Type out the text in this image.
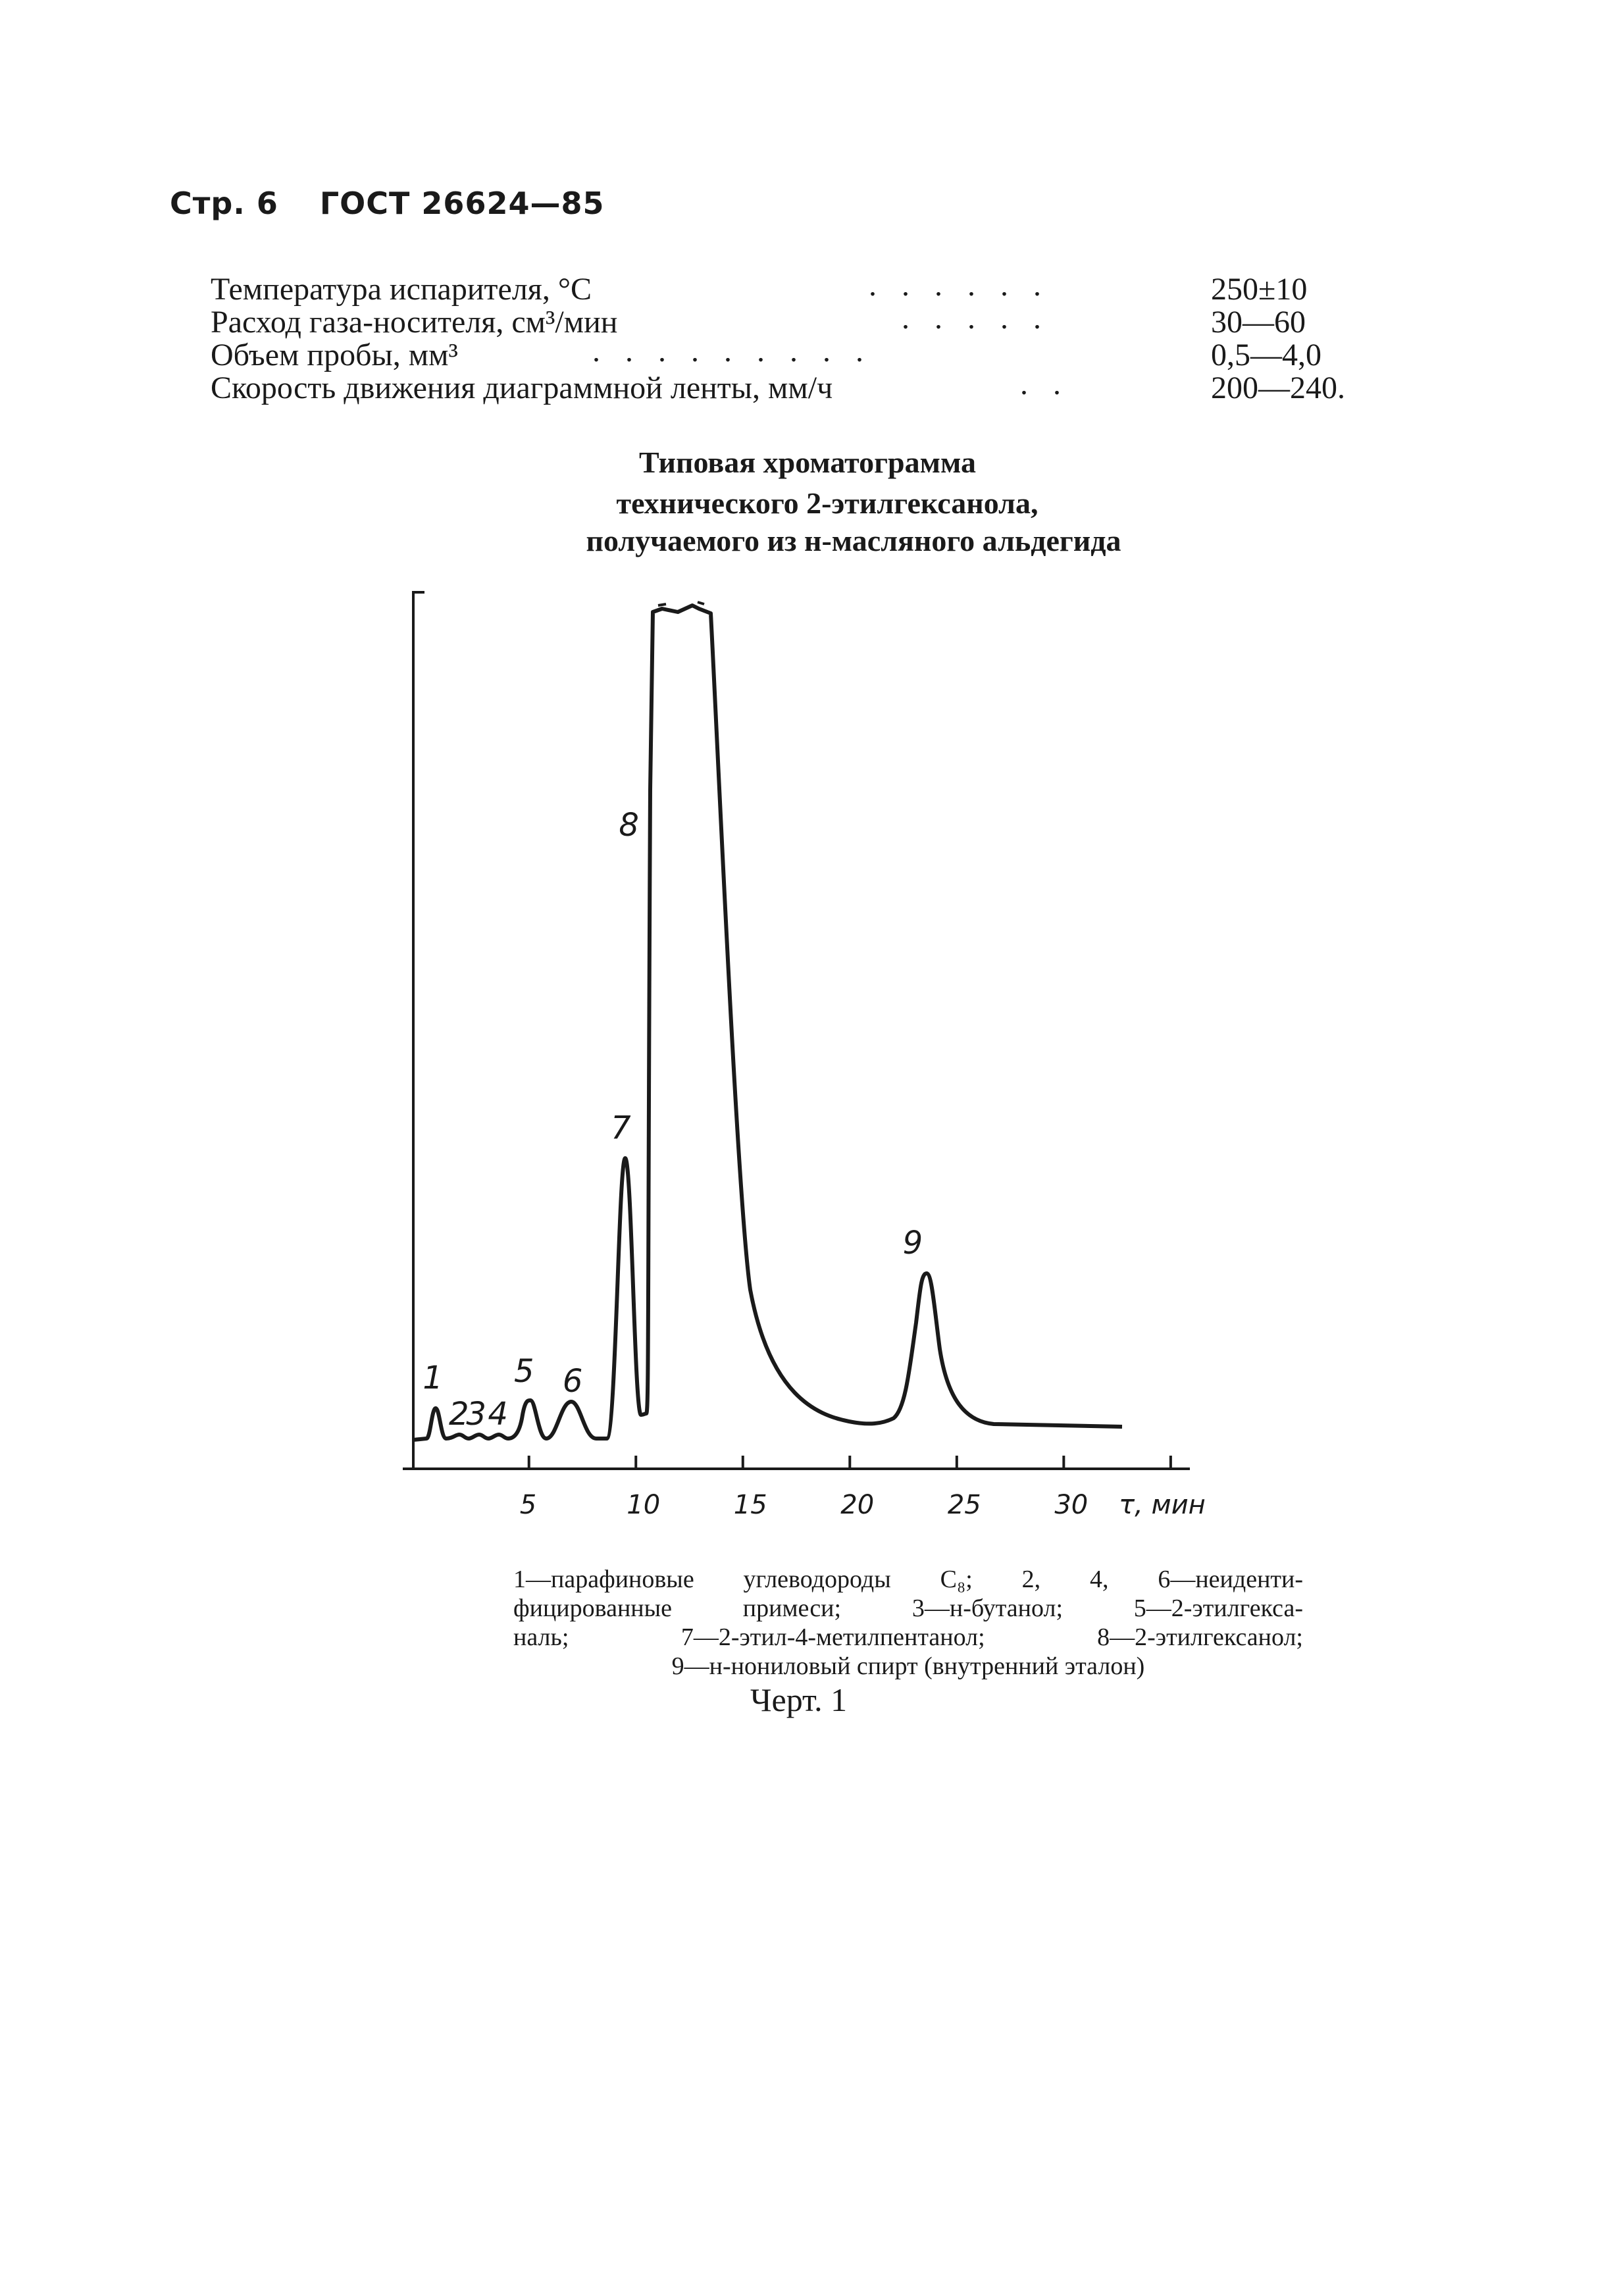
Стр. 6 ГОСТ 26624—85
Температура испарителя, °С	.​.​.​.​.​.	250±10
Расход газа-носителя, см³/мин	.....	30—60
Объем пробы, мм³	.........	0,5—4,0
Скорость движения диаграммной ленты, мм/ч	..	200—240.
Типовая хроматограмма
технического 2-этилгексанола,
получаемого из н-масляного альдегида
5	10	15	20	25	30 τ, мин
1
2
3 4
5 6
7
8
9
1—парафиновые углеводороды С₈; 2, 4, 6—неиденти-
фицированные примеси; 3—н-бутанол; 5—2-этилгекса-
наль; 7—2-этил-4-метилпентанол; 8—2-этилгексанол;
9—н-нониловый спирт (внутренний эталон)
Черт. 1
